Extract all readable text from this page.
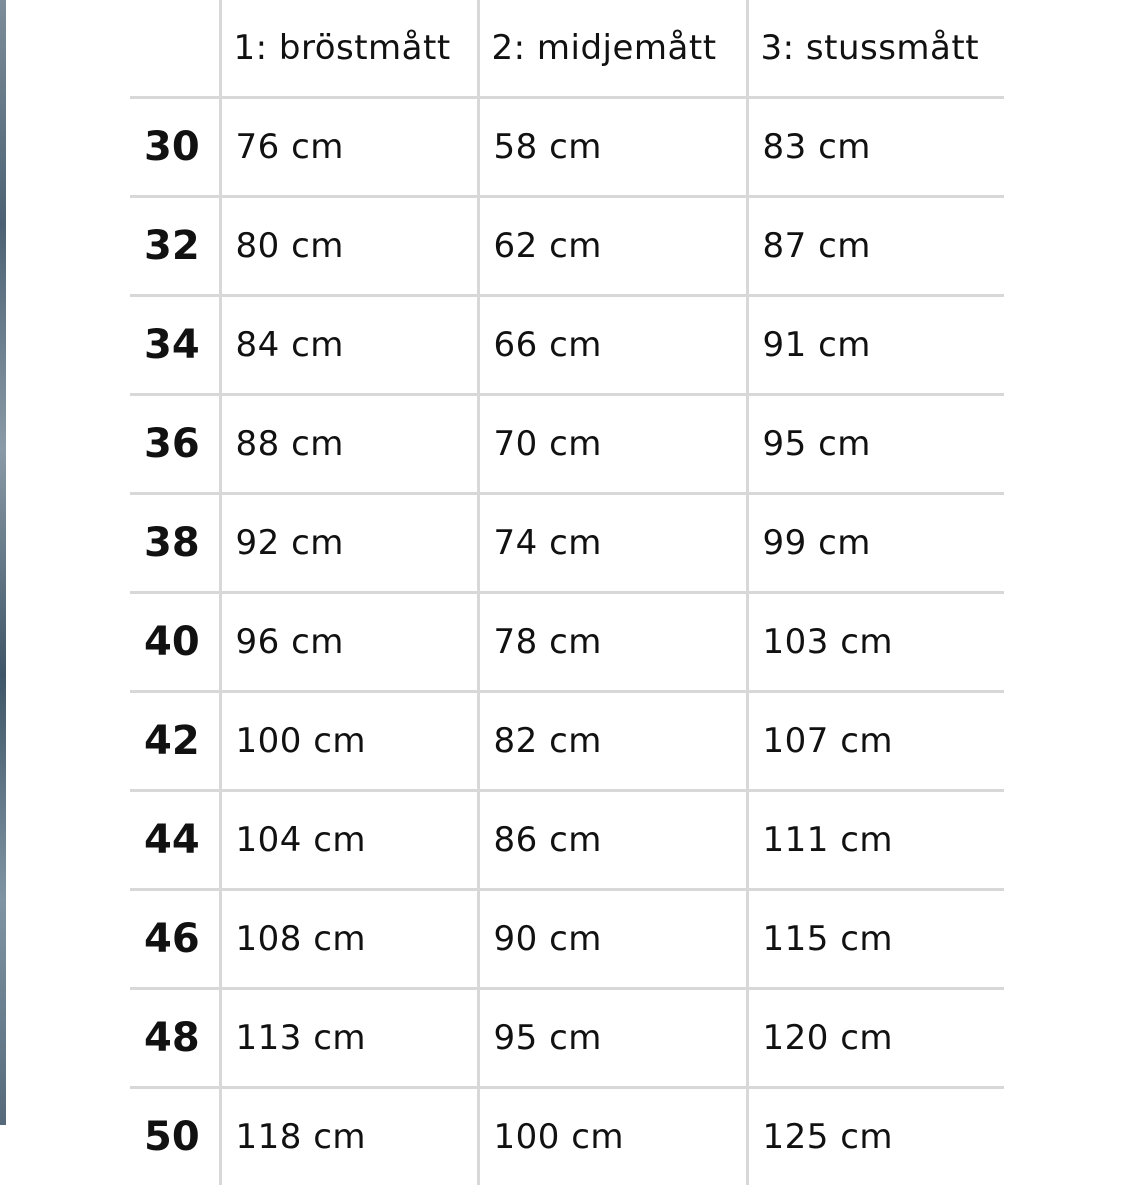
	1: bröstmått	2: midjemått	3: stussmått
30	76 cm	58 cm	83 cm
32	80 cm	62 cm	87 cm
34	84 cm	66 cm	91 cm
36	88 cm	70 cm	95 cm
38	92 cm	74 cm	99 cm
40	96 cm	78 cm	103 cm
42	100 cm	82 cm	107 cm
44	104 cm	86 cm	111 cm
46	108 cm	90 cm	115 cm
48	113 cm	95 cm	120 cm
50	118 cm	100 cm	125 cm
